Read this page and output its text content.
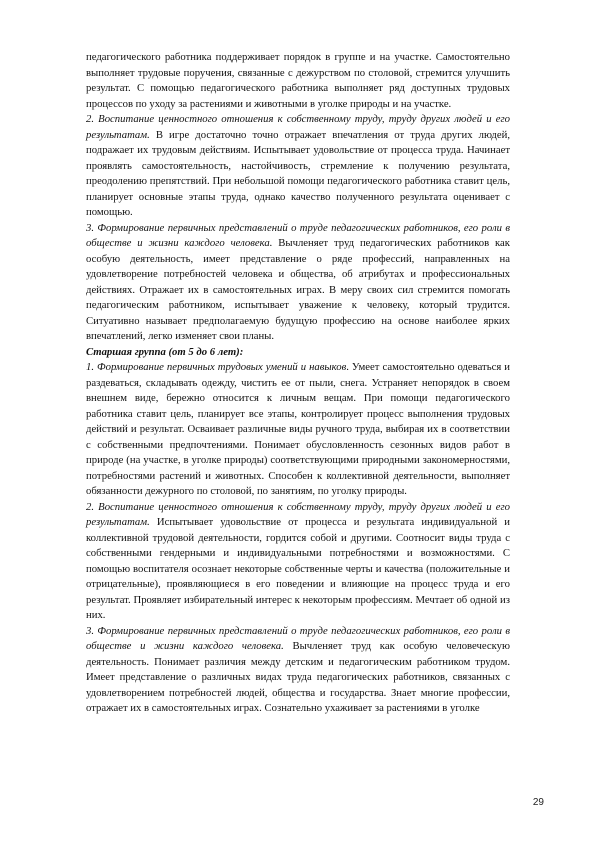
педагогического работника поддерживает порядок в группе и на участке. Самостоятельно выполняет трудовые поручения, связанные с дежурством по столовой, стремится улучшить результат. С помощью педагогического работника выполняет ряд доступных трудовых процессов по уходу за растениями и животными в уголке природы и на участке.

2. Воспитание ценностного отношения к собственному труду, труду других людей и его результатам. В игре достаточно точно отражает впечатления от труда других людей, подражает их трудовым действиям. Испытывает удовольствие от процесса труда. Начинает проявлять самостоятельность, настойчивость, стремление к получению результата, преодолению препятствий. При небольшой помощи педагогического работника ставит цель, планирует основные этапы труда, однако качество полученного результата оценивает с помощью.

3. Формирование первичных представлений о труде педагогических работников, его роли в обществе и жизни каждого человека. Вычленяет труд педагогических работников как особую деятельность, имеет представление о ряде профессий, направленных на удовлетворение потребностей человека и общества, об атрибутах и профессиональных действиях. Отражает их в самостоятельных играх. В меру своих сил стремится помогать педагогическим работником, испытывает уважение к человеку, который трудится. Ситуативно называет предполагаемую будущую профессию на основе наиболее ярких впечатлений, легко изменяет свои планы.

Старшая группа (от 5 до 6 лет):

1. Формирование первичных трудовых умений и навыков. Умеет самостоятельно одеваться и раздеваться, складывать одежду, чистить ее от пыли, снега. Устраняет непорядок в своем внешнем виде, бережно относится к личным вещам. При помощи педагогического работника ставит цель, планирует все этапы, контролирует процесс выполнения трудовых действий и результат. Осваивает различные виды ручного труда, выбирая их в соответствии с собственными предпочтениями. Понимает обусловленность сезонных видов работ в природе (на участке, в уголке природы) соответствующими природными закономерностями, потребностями растений и животных. Способен к коллективной деятельности, выполняет обязанности дежурного по столовой, по занятиям, по уголку природы.

2. Воспитание ценностного отношения к собственному труду, труду других людей и его результатам. Испытывает удовольствие от процесса и результата индивидуальной и коллективной трудовой деятельности, гордится собой и другими. Соотносит виды труда с собственными гендерными и индивидуальными потребностями и возможностями. С помощью воспитателя осознает некоторые собственные черты и качества (положительные и отрицательные), проявляющиеся в его поведении и влияющие на процесс труда и его результат. Проявляет избирательный интерес к некоторым профессиям. Мечтает об одной из них.

3. Формирование первичных представлений о труде педагогических работников, его роли в обществе и жизни каждого человека. Вычленяет труд как особую человеческую деятельность. Понимает различия между детским и педагогическим работником трудом. Имеет представление о различных видах труда педагогических работников, связанных с удовлетворением потребностей людей, общества и государства. Знает многие профессии, отражает их в самостоятельных играх. Сознательно ухаживает за растениями в уголке

29
